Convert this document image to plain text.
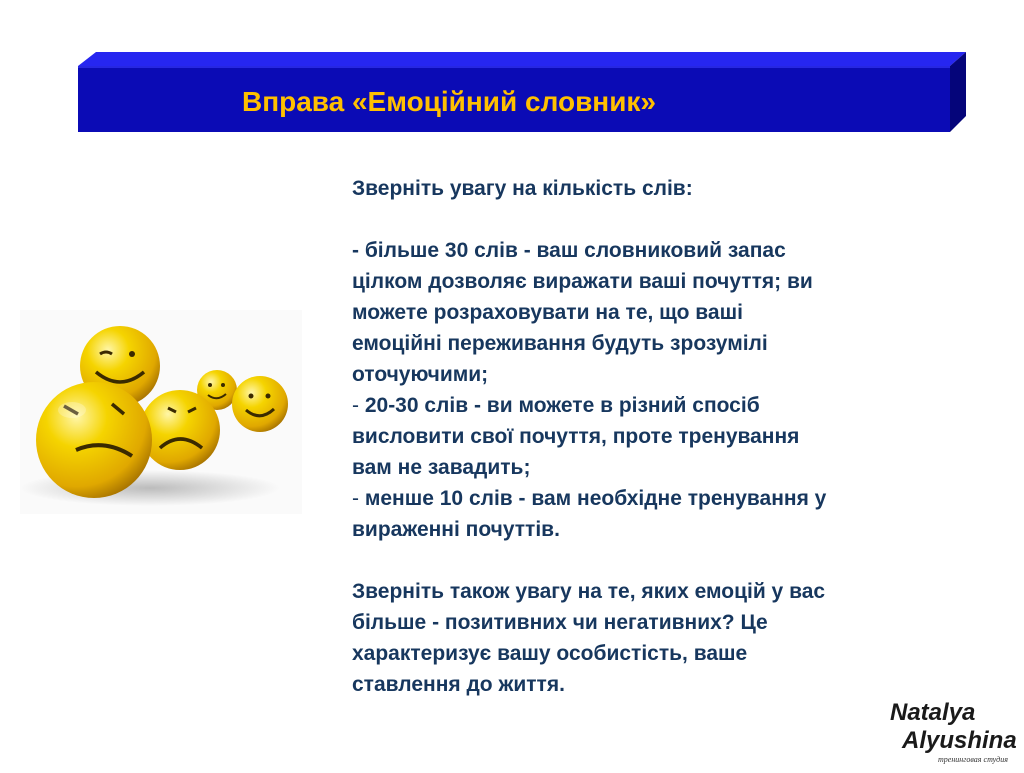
Вправа «Емоційний словник»

Зверніть увагу на кількість слів:

- більше 30 слів - ваш словниковий запас

цілком дозволяє виражати ваші почуття; ви

можете розраховувати на те, що ваші

емоційні переживання будуть зрозумілі

оточуючими;

- 20-30 слів - ви можете в різний спосіб

висловити свої почуття, проте тренування

вам не завадить;

- менше 10 слів - вам необхідне тренування у

вираженні почуттів.

Зверніть також увагу на те, яких емоцій у вас

більше - позитивних чи негативних? Це

характеризує вашу особистість, ваше

ставлення до життя.

Natalya
Alyushina
тренинговая студия
